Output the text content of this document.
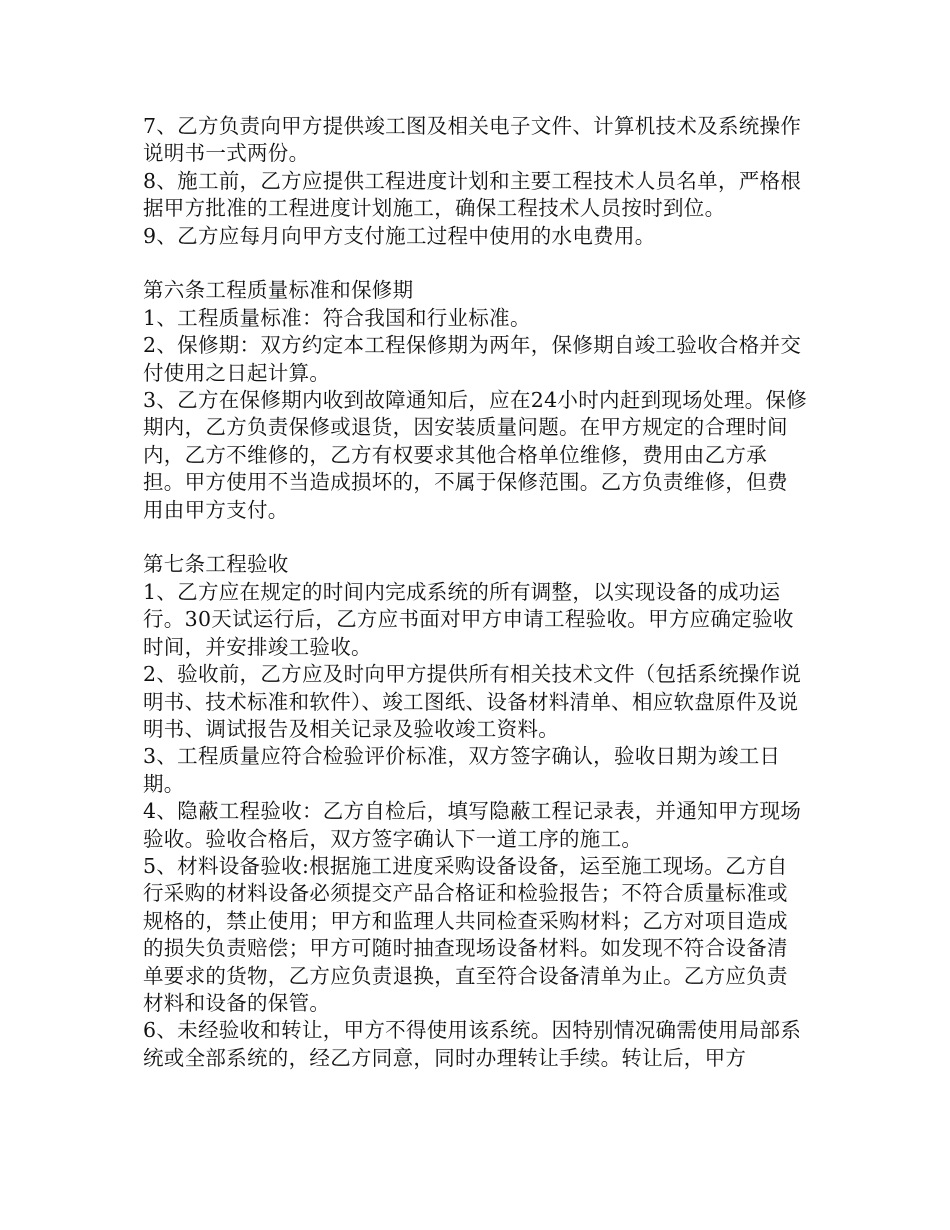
7、乙方负责向甲方提供竣工图及相关电子文件、计算机技术及系统操作说明书一式两份。

8、施工前，乙方应提供工程进度计划和主要工程技术人员名单，严格根据甲方批准的工程进度计划施工，确保工程技术人员按时到位。

9、乙方应每月向甲方支付施工过程中使用的水电费用。

第六条工程质量标准和保修期

1、工程质量标准：符合我国和行业标准。

2、保修期：双方约定本工程保修期为两年，保修期自竣工验收合格并交付使用之日起计算。

3、乙方在保修期内收到故障通知后，应在24小时内赶到现场处理。保修期内，乙方负责保修或退货，因安装质量问题。在甲方规定的合理时间内，乙方不维修的，乙方有权要求其他合格单位维修，费用由乙方承担。甲方使用不当造成损坏的，不属于保修范围。乙方负责维修，但费用由甲方支付。

第七条工程验收

1、乙方应在规定的时间内完成系统的所有调整，以实现设备的成功运行。30天试运行后，乙方应书面对甲方申请工程验收。甲方应确定验收时间，并安排竣工验收。

2、验收前，乙方应及时向甲方提供所有相关技术文件（包括系统操作说明书、技术标准和软件）、竣工图纸、设备材料清单、相应软盘原件及说明书、调试报告及相关记录及验收竣工资料。

3、工程质量应符合检验评价标准，双方签字确认，验收日期为竣工日期。

4、隐蔽工程验收：乙方自检后，填写隐蔽工程记录表，并通知甲方现场验收。验收合格后，双方签字确认下一道工序的施工。

5、材料设备验收:根据施工进度采购设备设备，运至施工现场。乙方自行采购的材料设备必须提交产品合格证和检验报告；不符合质量标准或规格的，禁止使用；甲方和监理人共同检查采购材料；乙方对项目造成的损失负责赔偿；甲方可随时抽查现场设备材料。如发现不符合设备清单要求的货物，乙方应负责退换，直至符合设备清单为止。乙方应负责材料和设备的保管。

6、未经验收和转让，甲方不得使用该系统。因特别情况确需使用局部系统或全部系统的，经乙方同意，同时办理转让手续。转让后，甲方
